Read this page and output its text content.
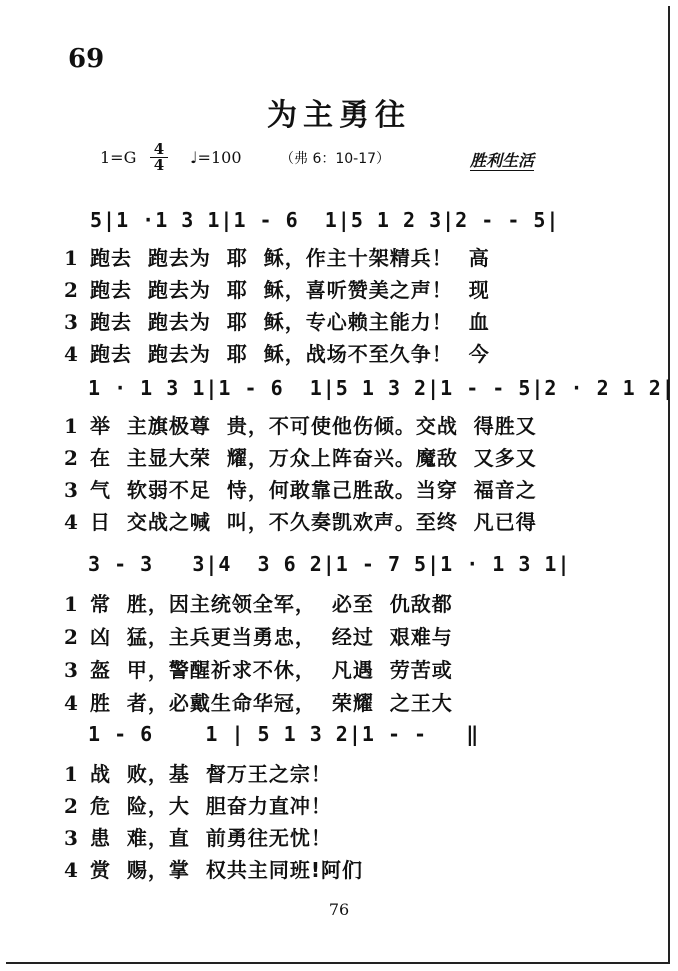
69
为主勇往
1=G 4
4 ♩=100	（弗 6：10-17）	胜利生活
5|1 ·1 3 1|1 - 6  1|5 1 2 3|2 - - 5|
1 跑去  跑去为  耶  稣，作主十架精兵！  高
2 跑去  跑去为  耶  稣，喜听赞美之声！  现
3 跑去  跑去为  耶  稣，专心赖主能力！  血
4 跑去  跑去为  耶  稣，战场不至久争！  今
1 · 1 3 1|1 - 6  1|5 1 3 2|1 - - 5|2 · 2 1 2|
1 举  主旗极尊  贵，不可使他伤倾。交战  得胜又
2 在  主显大荣  耀，万众上阵奋兴。魔敌  又多又
3 气  软弱不足  恃，何敢靠己胜敌。当穿  福音之
4 日  交战之喊  叫，不久奏凯欢声。至终  凡已得
3 - 3   3|4  3 6 2|1 - 7 5|1 · 1 3 1|
1 常  胜，因主统领全军，  必至  仇敌都
2 凶  猛，主兵更当勇忠，  经过  艰难与
3 盔  甲，警醒祈求不休，  凡遇  劳苦或
4 胜  者，必戴生命华冠，  荣耀  之王大
1 - 6    1 | 5 1 3 2|1 - -   ‖
1 战  败，基  督万王之宗！
2 危  险，大  胆奋力直冲！
3 患  难，直  前勇往无忧！
4 赏  赐，掌  权共主同班!阿们
76
